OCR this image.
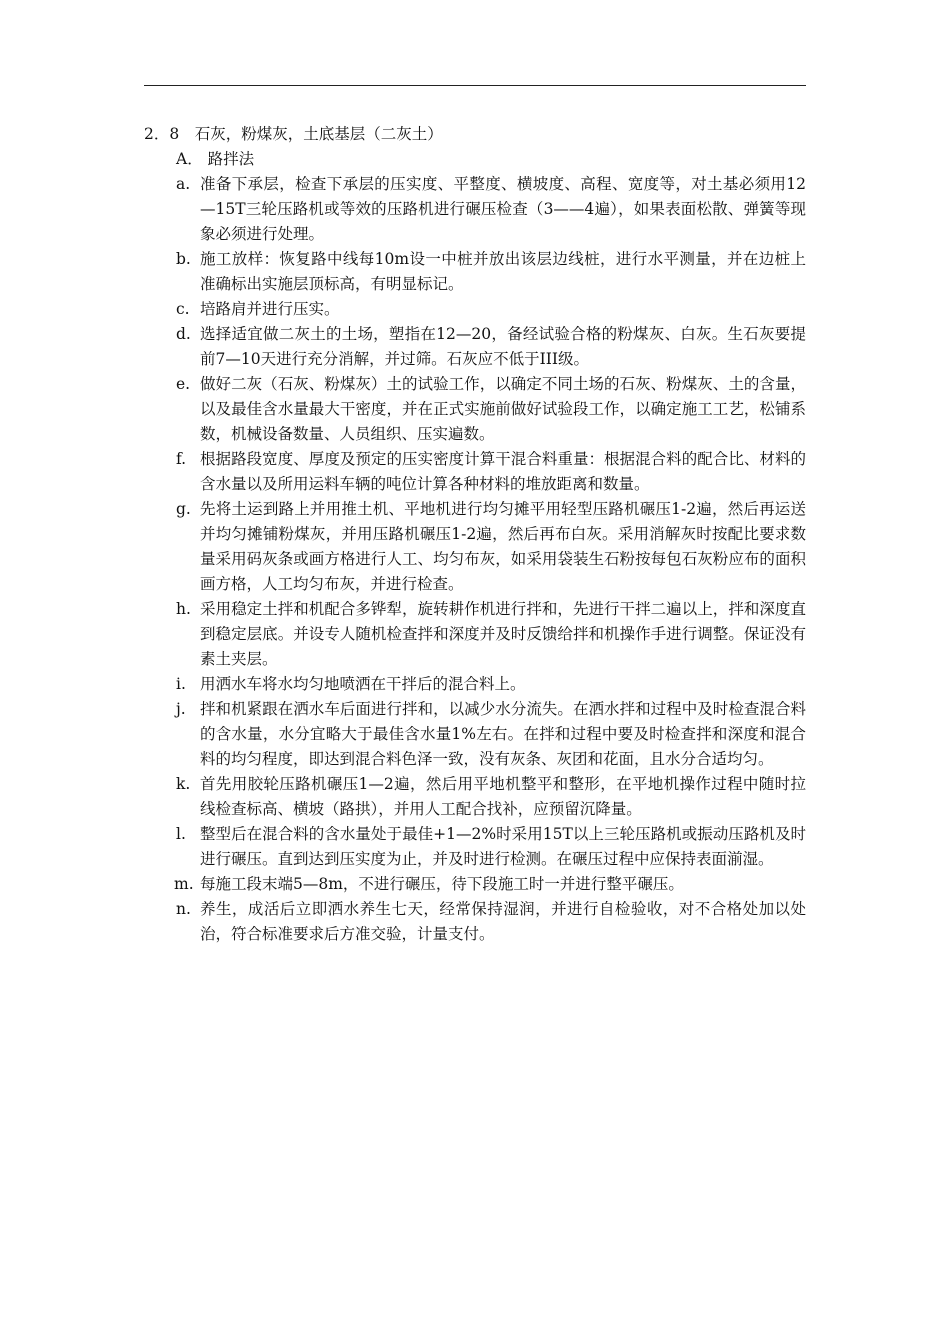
2．8　石灰，粉煤灰，土底基层（二灰土）

A． 路拌法

a. 准备下承层，检查下承层的压实度、平整度、横坡度、高程、宽度等，对土基必须用12—15T三轮压路机或等效的压路机进行碾压检查（3——4遍），如果表面松散、弹簧等现象必须进行处理。
b. 施工放样：恢复路中线每10m设一中桩并放出该层边线桩，进行水平测量，并在边桩上准确标出实施层顶标高，有明显标记。
c. 培路肩并进行压实。
d. 选择适宜做二灰土的土场，塑指在12—20，备经试验合格的粉煤灰、白灰。生石灰要提前7—10天进行充分消解，并过筛。石灰应不低于III级。
e. 做好二灰（石灰、粉煤灰）土的试验工作，以确定不同土场的石灰、粉煤灰、土的含量，以及最佳含水量最大干密度，并在正式实施前做好试验段工作，以确定施工工艺，松铺系数，机械设备数量、人员组织、压实遍数。
f. 根据路段宽度、厚度及预定的压实密度计算干混合料重量：根据混合料的配合比、材料的含水量以及所用运料车辆的吨位计算各种材料的堆放距离和数量。
g. 先将土运到路上并用推土机、平地机进行均匀摊平用轻型压路机碾压1-2遍，然后再运送并均匀摊铺粉煤灰，并用压路机碾压1-2遍，然后再布白灰。采用消解灰时按配比要求数量采用码灰条或画方格进行人工、均匀布灰，如采用袋装生石粉按每包石灰粉应布的面积画方格，人工均匀布灰，并进行检查。
h. 采用稳定土拌和机配合多铧犁，旋转耕作机进行拌和，先进行干拌二遍以上，拌和深度直到稳定层底。并设专人随机检查拌和深度并及时反馈给拌和机操作手进行调整。保证没有素土夹层。
i. 用洒水车将水均匀地喷洒在干拌后的混合料上。
j. 拌和机紧跟在洒水车后面进行拌和，以减少水分流失。在洒水拌和过程中及时检查混合料的含水量，水分宜略大于最佳含水量1%左右。在拌和过程中要及时检查拌和深度和混合料的均匀程度，即达到混合料色泽一致，没有灰条、灰团和花面，且水分合适均匀。
k. 首先用胶轮压路机碾压1—2遍，然后用平地机整平和整形，在平地机操作过程中随时拉线检查标高、横坡（路拱），并用人工配合找补，应预留沉降量。
l. 整型后在混合料的含水量处于最佳+1—2%时采用15T以上三轮压路机或振动压路机及时进行碾压。直到达到压实度为止，并及时进行检测。在碾压过程中应保持表面湔湿。
m. 每施工段末端5—8m，不进行碾压，待下段施工时一并进行整平碾压。
n. 养生，成活后立即洒水养生七天，经常保持湿润，并进行自检验收，对不合格处加以处治，符合标准要求后方准交验，计量支付。
